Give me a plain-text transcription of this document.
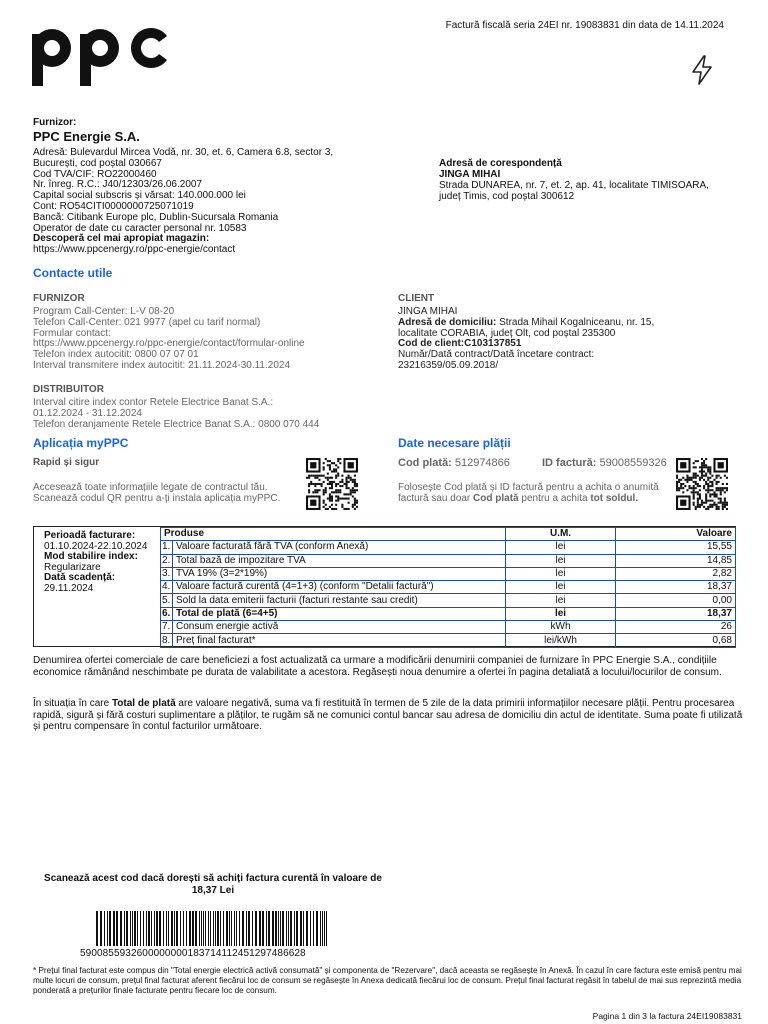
Factură fiscală seria 24EI nr. 19083831 din data de 14.11.2024
Furnizor:
PPC Energie S.A.
Adresă: Bulevardul Mircea Vodă, nr. 30, et. 6, Camera 6.8, sector 3,
București, cod poștal 030667
Cod TVA/CIF: RO22000460
Nr. înreg. R.C.: J40/12303/26.06.2007
Capital social subscris și vărsat: 140.000.000 lei
Cont: RO54CITI0000000725071019
Bancă: Citibank Europe plc, Dublin-Sucursala Romania
Operator de date cu caracter personal nr. 10583
Descoperă cel mai apropiat magazin:
https://www.ppcenergy.ro/ppc-energie/contact
Adresă de corespondență
JINGA MIHAI
Strada DUNAREA, nr. 7, et. 2, ap. 41, localitate TIMISOARA,
județ Timis, cod poștal 300612
Contacte utile
FURNIZOR
Program Call-Center: L-V 08-20
Telefon Call-Center: 021 9977 (apel cu tarif normal)
Formular contact:
https://www.ppcenergy.ro/ppc-energie/contact/formular-online
Telefon index autocitit: 0800 07 07 01
Interval transmitere index autocitit: 21.11.2024-30.11.2024
DISTRIBUITOR
Interval citire index contor Retele Electrice Banat S.A.:
01.12.2024 - 31.12.2024
Telefon deranjamente Retele Electrice Banat S.A.: 0800 070 444
CLIENT
JINGA MIHAI
Adresă de domiciliu: Strada Mihail Kogalniceanu, nr. 15,
localitate CORABIA, județ Olt, cod poștal 235300
Cod de client:C103137851
Număr/Dată contract/Dată încetare contract:
23216359/05.09.2018/
Aplicația myPPC
Rapid și sigur
Accesează toate informațiile legate de contractul tău.
Scanează codul QR pentru a-ți instala aplicația myPPC.
Date necesare plății
Cod plată: 512974866	ID factură: 59008559326
Folosește Cod plată și ID factură pentru a achita o anumită
factură sau doar Cod plată pentru a achita tot soldul.
Perioadă facturare:
01.10.2024-22.10.2024
Mod stabilire index:
Regularizare
Dată scadență:
29.11.2024
Produse		U.M.	Valoare
1.	Valoare facturată fără TVA (conform Anexă)	lei	15,55
2.	Total bază de impozitare TVA	lei	14,85
3.	TVA 19% (3=2*19%)	lei	2,82
4.	Valoare factură curentă (4=1+3) (conform "Detalii factură")	lei	18,37
5.	Sold la data emiterii facturii (facturi restante sau credit)	lei	0,00
6.	Total de plată (6=4+5)	lei	18,37
7.	Consum energie activă	kWh	26
8.	Preț final facturat*	lei/kWh	0,68
Denumirea ofertei comerciale de care beneficiezi a fost actualizată ca urmare a modificării denumirii companiei de furnizare în PPC Energie S.A., condițiile economice rămânând neschimbate pe durata de valabilitate a acestora. Regăsești noua denumire a ofertei în pagina detaliată a locului/locurilor de consum.
În situația în care Total de plată are valoare negativă, suma va fi restituită în termen de 5 zile de la data primirii informațiilor necesare plății. Pentru procesarea rapidă, sigură și fără costuri suplimentare a plăților, te rugăm să ne comunici contul bancar sau adresa de domiciliu din actul de identitate. Suma poate fi utilizată și pentru compensare în contul facturilor următoare.
Scanează acest cod dacă dorești să achiți factura curentă în valoare de
18,37 Lei
5900855932600000000183714112451297486628
* Prețul final facturat este compus din "Total energie electrică activă consumată" și componenta de "Rezervare", dacă aceasta se regăsește în Anexă. În cazul în care factura este emisă pentru mai multe locuri de consum, prețul final facturat aferent fiecărui loc de consum se regăsește în Anexa dedicată fiecărui loc de consum. Prețul final facturat regăsit în tabelul de mai sus reprezintă media ponderată a prețurilor finale facturate pentru fiecare loc de consum.
Pagina 1 din 3 la factura 24EI19083831
